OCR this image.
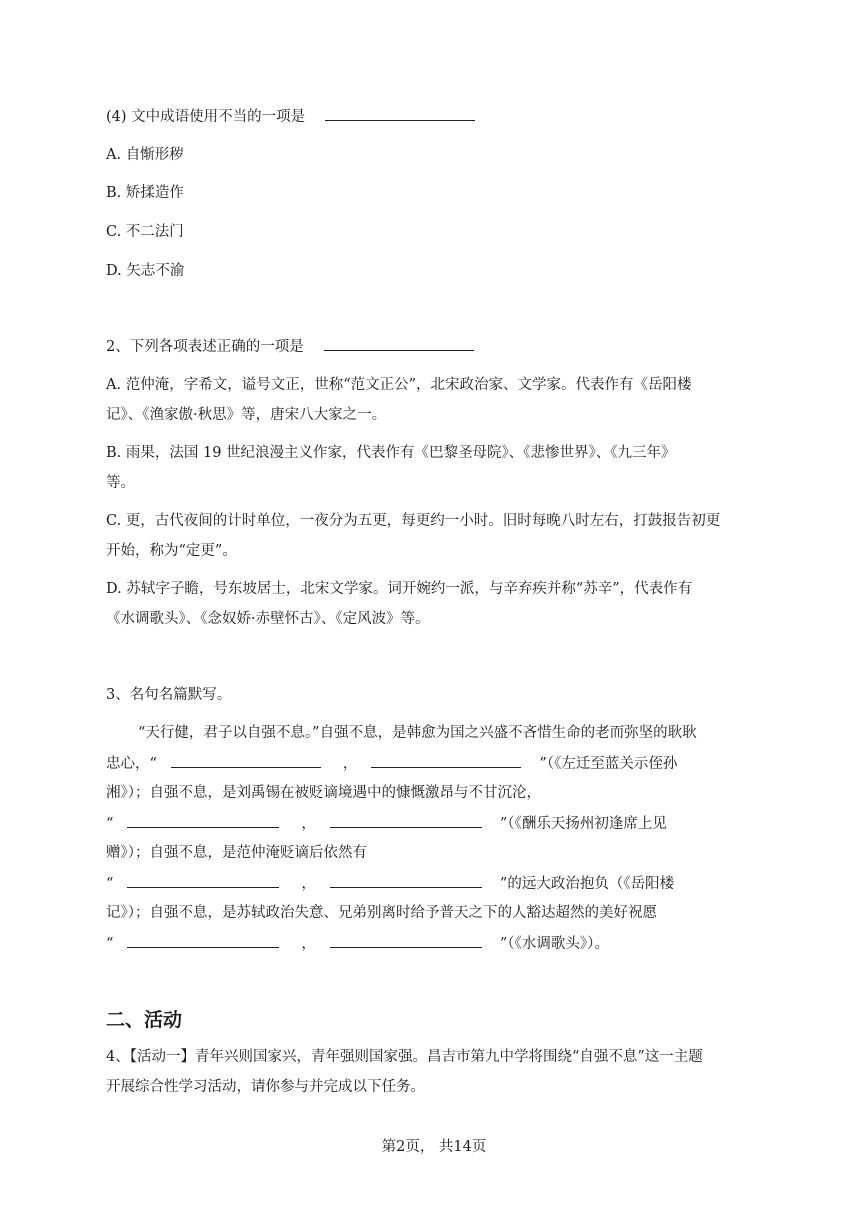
(4) 文中成语使用不当的一项是
A. 自惭形秽
B. 矫揉造作
C. 不二法门
D. 矢志不渝
2、下列各项表述正确的一项是
A. 范仲淹，字希文，谥号文正，世称“范文正公”，北宋政治家、文学家。代表作有《岳阳楼
记》、《渔家傲·秋思》等，唐宋八大家之一。
B. 雨果，法国 19 世纪浪漫主义作家，代表作有《巴黎圣母院》、《悲惨世界》、《九三年》
等。
C. 更，古代夜间的计时单位，一夜分为五更，每更约一小时。旧时每晚八时左右，打鼓报告初更
开始，称为“定更”。
D. 苏轼字子瞻，号东坡居士，北宋文学家。词开婉约一派，与辛弃疾并称“苏辛”，代表作有
《水调歌头》、《念奴娇·赤壁怀古》、《定风波》等。
3、名句名篇默写。
“天行健，君子以自强不息。”自强不息，是韩愈为国之兴盛不吝惜生命的老而弥坚的耿耿
忠心，“	，	”（《左迁至蓝关示侄孙
湘》）；自强不息，是刘禹锡在被贬谪境遇中的慷慨激昂与不甘沉沦，
“	，	”（《酬乐天扬州初逢席上见
赠》）；自强不息，是范仲淹贬谪后依然有
“	，	”的远大政治抱负（《岳阳楼
记》）；自强不息，是苏轼政治失意、兄弟别离时给予普天之下的人豁达超然的美好祝愿
“	，	”（《水调歌头》）。
二、活动
4、【活动一】青年兴则国家兴，青年强则国家强。昌吉市第九中学将围绕“自强不息”这一主题
开展综合性学习活动，请你参与并完成以下任务。
第2页， 共14页
